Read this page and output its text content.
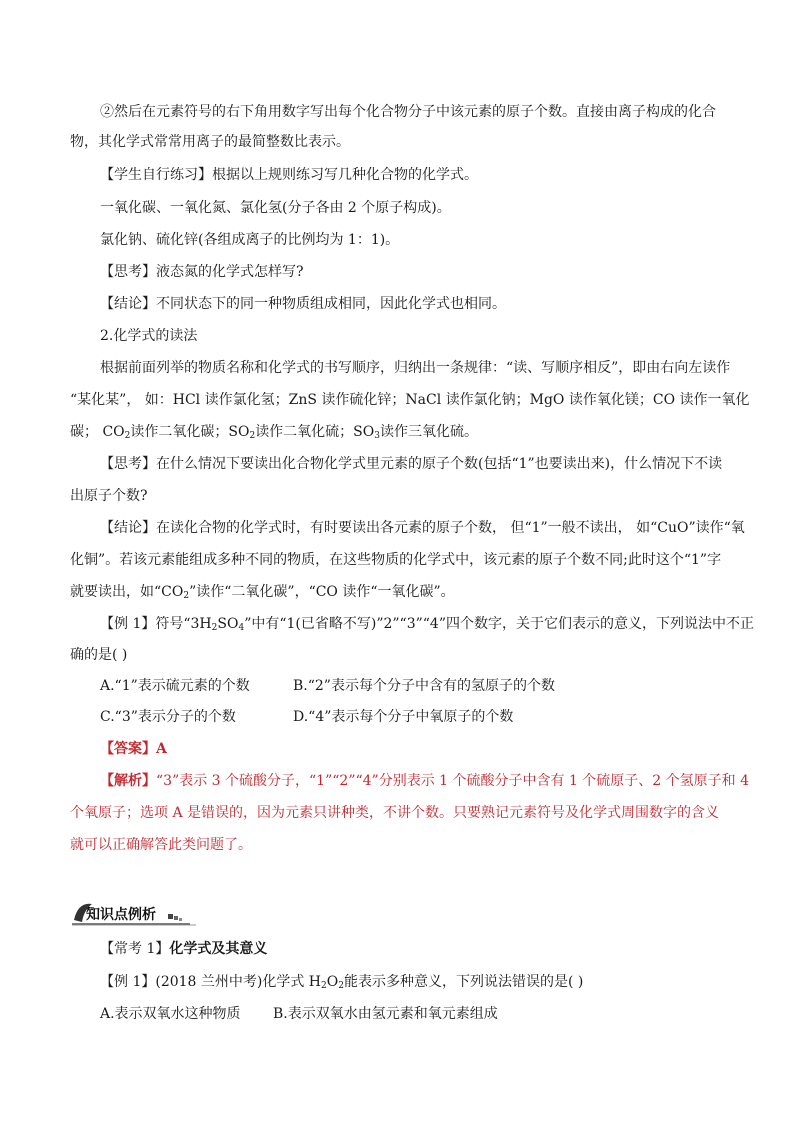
②然后在元素符号的右下角用数字写出每个化合物分子中该元素的原子个数。直接由离子构成的化合
物，其化学式常常用离子的最简整数比表示。
【学生自行练习】根据以上规则练习写几种化合物的化学式。
一氧化碳、一氧化氮、氯化氢(分子各由 2 个原子构成)。
氯化钠、硫化锌(各组成离子的比例均为 1：1)。
【思考】液态氮的化学式怎样写?
【结论】不同状态下的同一种物质组成相同，因此化学式也相同。
2.化学式的读法
根据前面列举的物质名称和化学式的书写顺序，归纳出一条规律：“读、写顺序相反”，即由右向左读作
“某化某”， 如：HCl 读作氯化氢；ZnS 读作硫化锌；NaCl 读作氯化钠；MgO 读作氧化镁；CO 读作一氧化
碳； $CO_2$读作二氧化碳；$SO_2$读作二氧化硫；$SO_3$读作三氧化硫。
【思考】在什么情况下要读出化合物化学式里元素的原子个数(包括“1”也要读出来)，什么情况下不读
出原子个数?
【结论】在读化合物的化学式时，有时要读出各元素的原子个数， 但“1”一般不读出， 如“CuO”读作“氧
化铜”。若该元素能组成多种不同的物质，在这些物质的化学式中，该元素的原子个数不同;此时这个“1”字
就要读出，如“$CO_2$”读作“二氧化碳”，“CO 读作“一氧化碳”。
【例 1】符号“$3H_2SO_4$”中有“1(已省略不写)”2”“3”“4”四个数字，关于它们表示的意义，下列说法中不正
确的是( )
A.“1”表示硫元素的个数	B.“2”表示每个分子中含有的氢原子的个数
C.“3”表示分子的个数	D.“4”表示每个分子中氧原子的个数
【答案】A
【解析】“3”表示 3 个硫酸分子，“1”“2”“4”分别表示 1 个硫酸分子中含有 1 个硫原子、2 个氢原子和 4
个氧原子；选项 A 是错误的，因为元素只讲种类，不讲个数。只要熟记元素符号及化学式周围数字的含义
就可以正确解答此类问题了。
知识点例析
【常考 1】化学式及其意义
【例 1】(2018 兰州中考)化学式 $H_2O_2$能表示多种意义，下列说法错误的是( )
A.表示双氧水这种物质 B.表示双氧水由氢元素和氧元素组成
